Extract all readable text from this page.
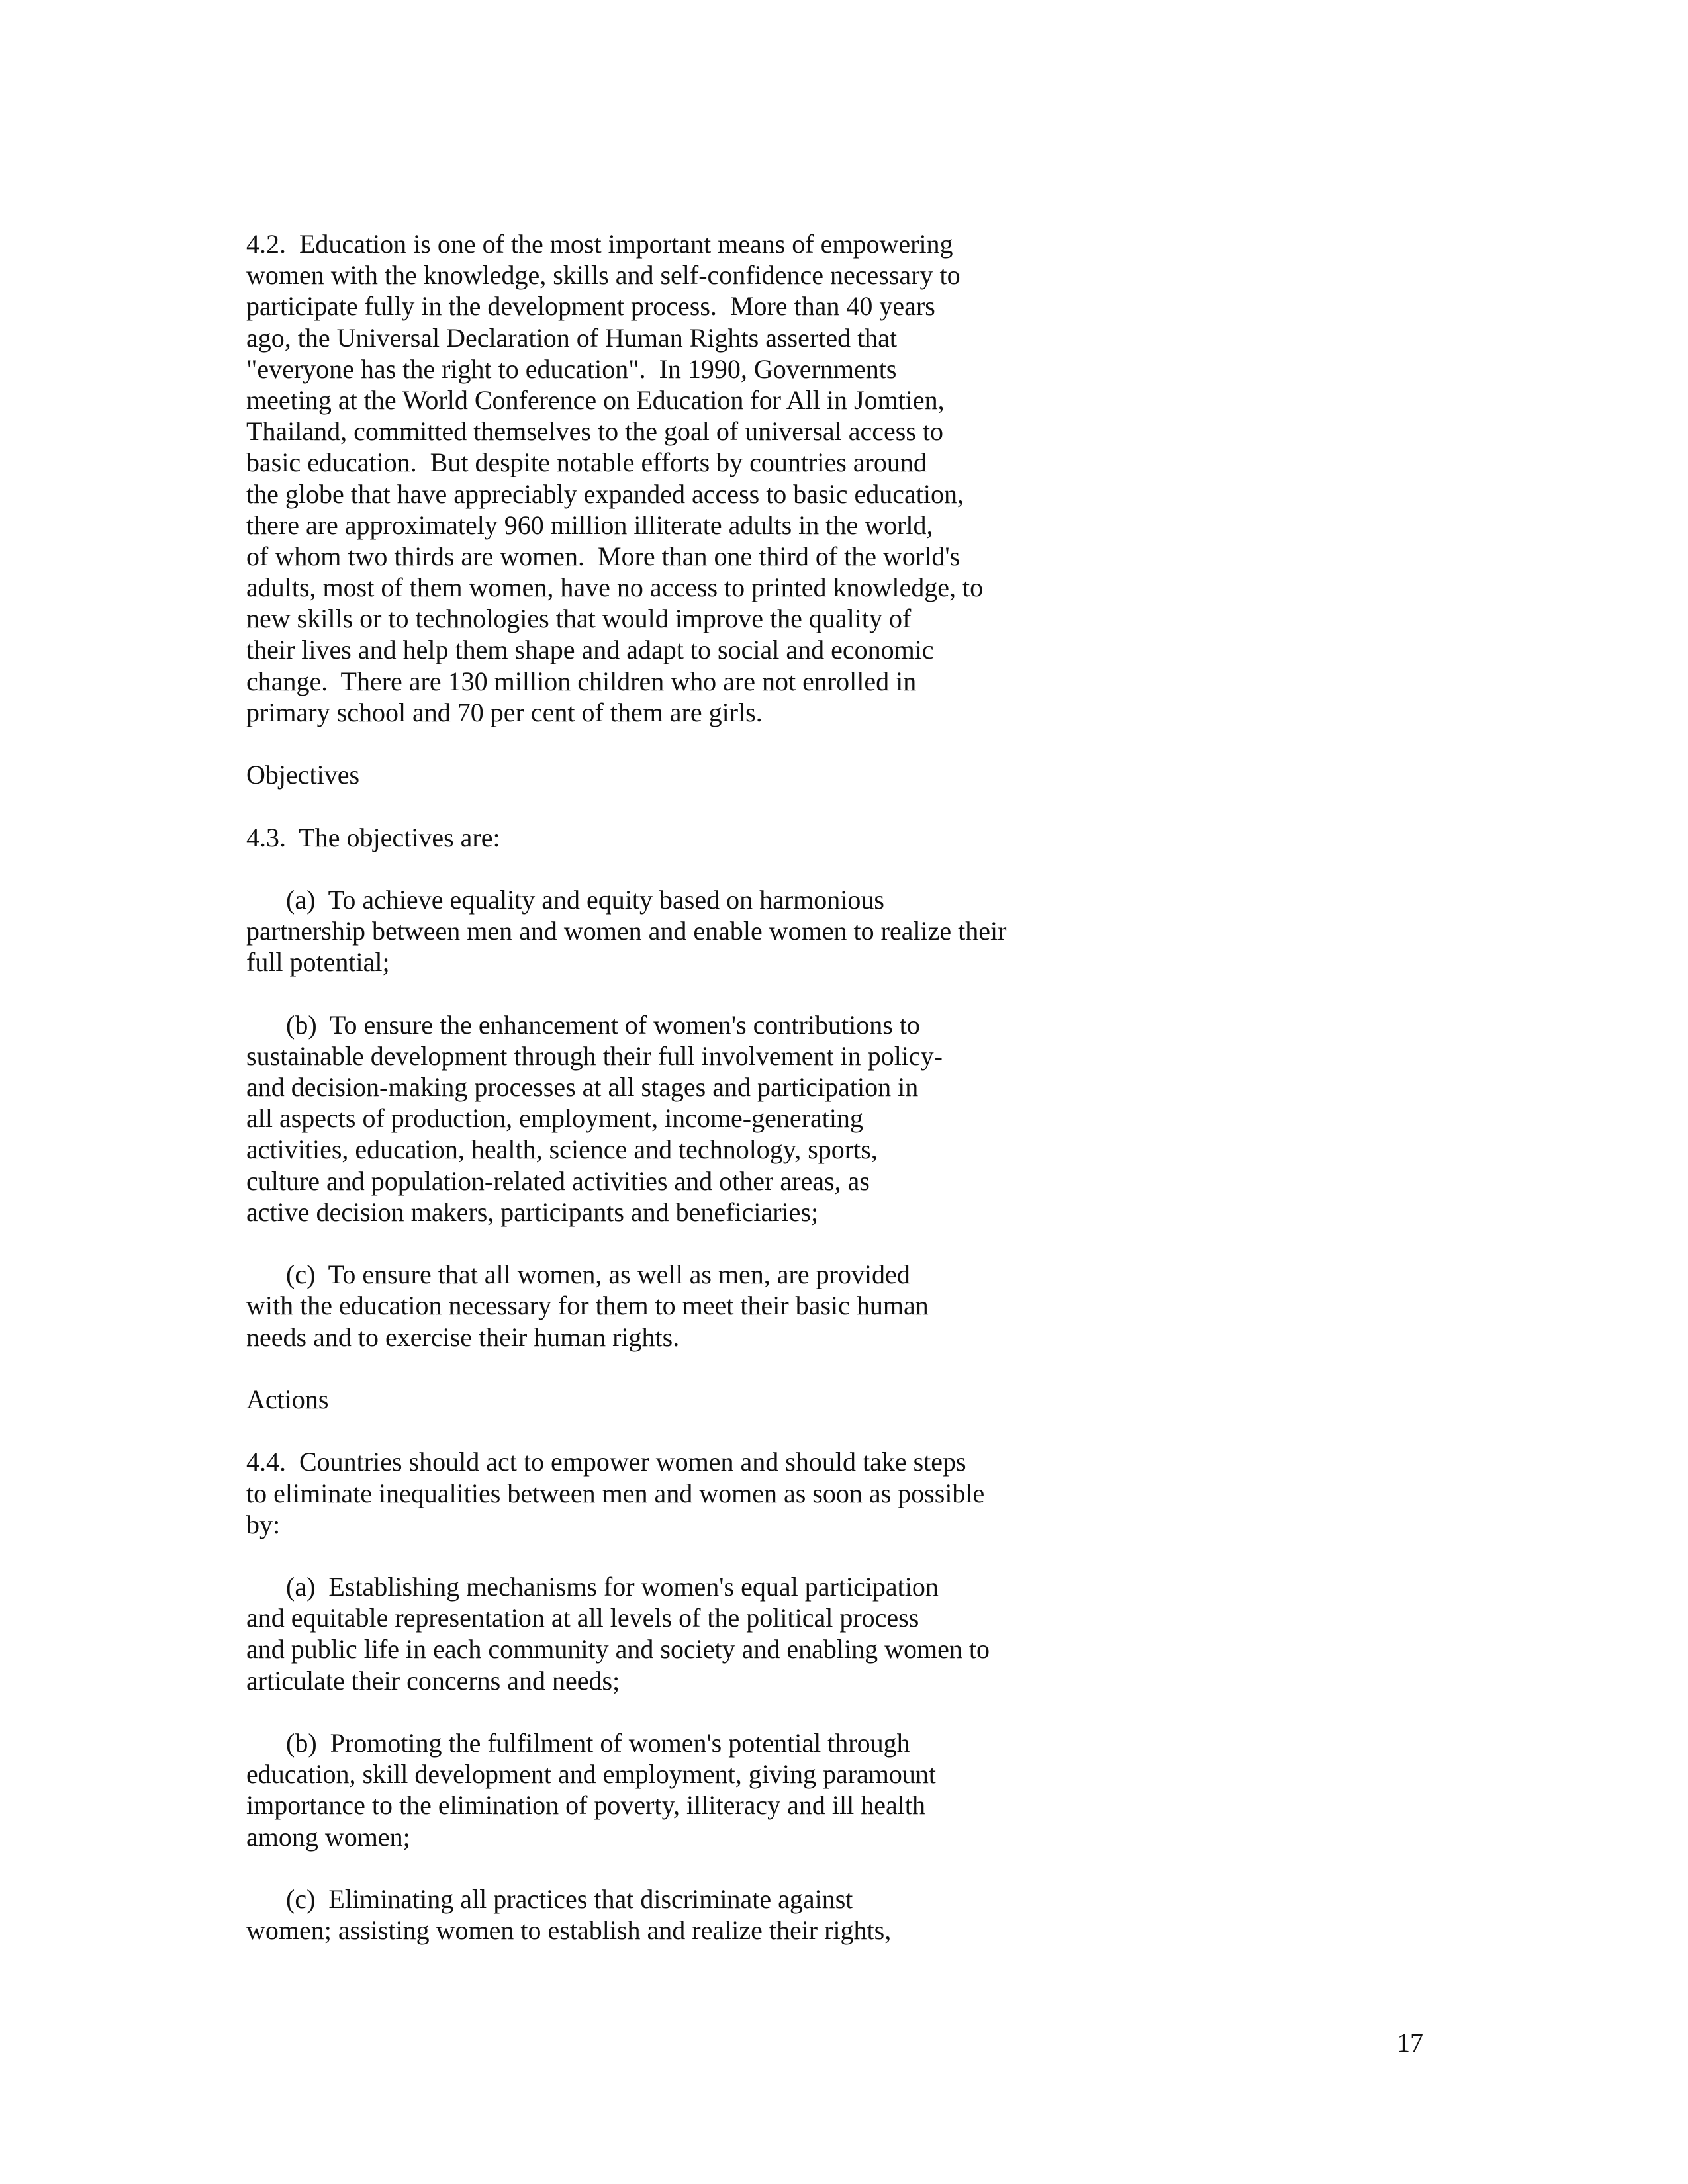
4.2.  Education is one of the most important means of empowering
women with the knowledge, skills and self-confidence necessary to
participate fully in the development process.  More than 40 years
ago, the Universal Declaration of Human Rights asserted that
"everyone has the right to education".  In 1990, Governments
meeting at the World Conference on Education for All in Jomtien,
Thailand, committed themselves to the goal of universal access to
basic education.  But despite notable efforts by countries around
the globe that have appreciably expanded access to basic education,
there are approximately 960 million illiterate adults in the world,
of whom two thirds are women.  More than one third of the world's
adults, most of them women, have no access to printed knowledge, to
new skills or to technologies that would improve the quality of
their lives and help them shape and adapt to social and economic
change.  There are 130 million children who are not enrolled in
primary school and 70 per cent of them are girls.
Objectives
4.3.  The objectives are:
(a)  To achieve equality and equity based on harmonious
partnership between men and women and enable women to realize their
full potential;
(b)  To ensure the enhancement of women's contributions to
sustainable development through their full involvement in policy-
and decision-making processes at all stages and participation in
all aspects of production, employment, income-generating
activities, education, health, science and technology, sports,
culture and population-related activities and other areas, as
active decision makers, participants and beneficiaries;
(c)  To ensure that all women, as well as men, are provided
with the education necessary for them to meet their basic human
needs and to exercise their human rights.
Actions
4.4.  Countries should act to empower women and should take steps
to eliminate inequalities between men and women as soon as possible
by:
(a)  Establishing mechanisms for women's equal participation
and equitable representation at all levels of the political process
and public life in each community and society and enabling women to
articulate their concerns and needs;
(b)  Promoting the fulfilment of women's potential through
education, skill development and employment, giving paramount
importance to the elimination of poverty, illiteracy and ill health
among women;
(c)  Eliminating all practices that discriminate against
women; assisting women to establish and realize their rights,
17
